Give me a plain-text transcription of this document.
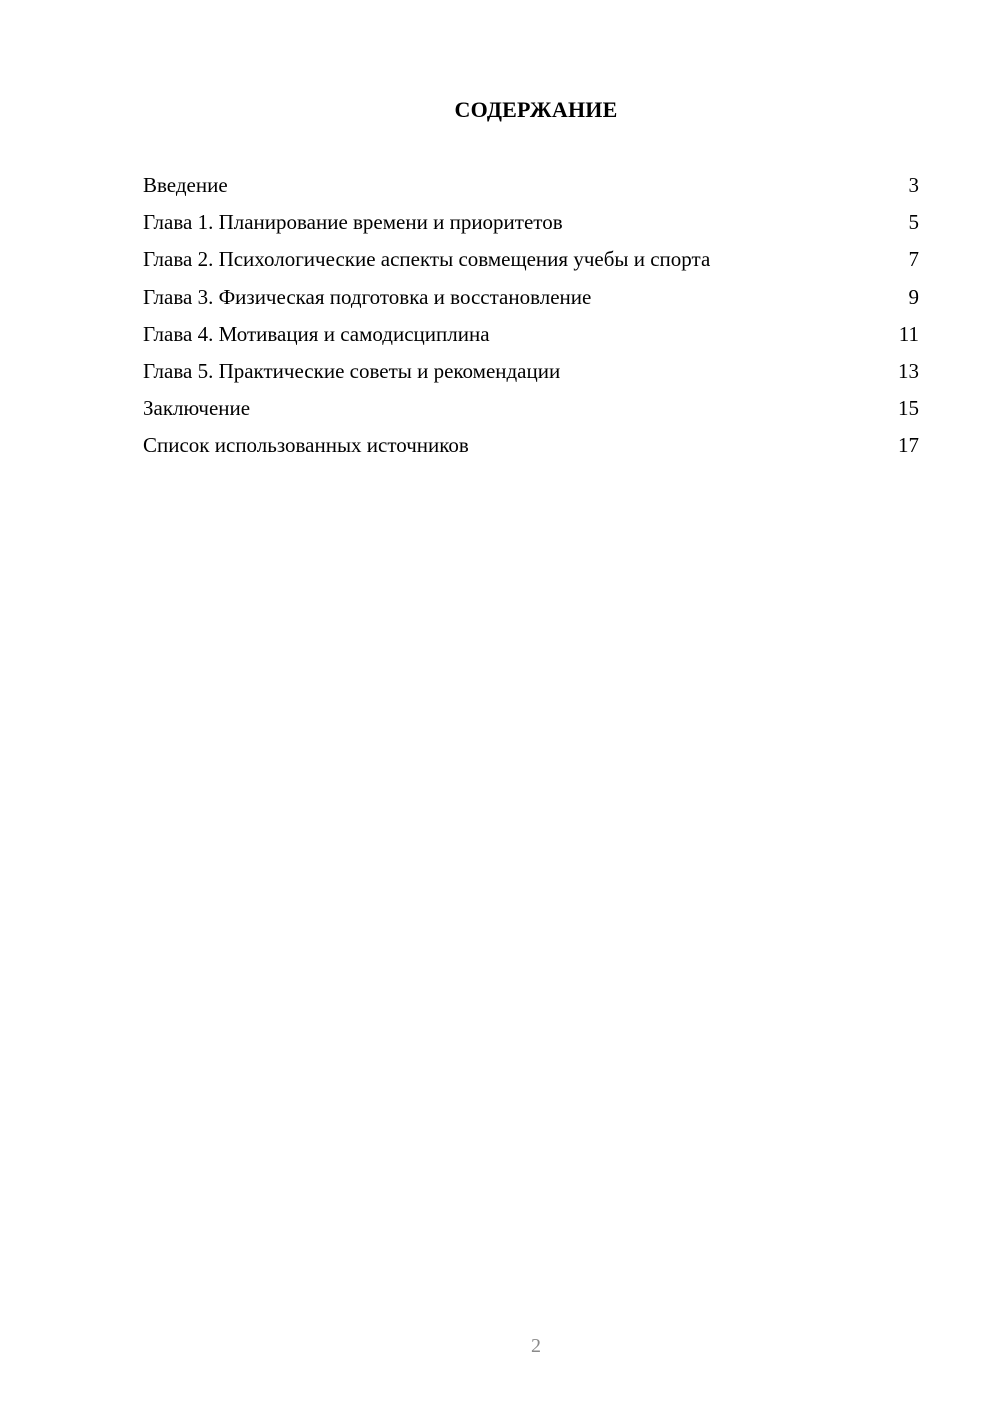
СОДЕРЖАНИЕ
Введение	3
Глава 1. Планирование времени и приоритетов	5
Глава 2. Психологические аспекты совмещения учебы и спорта	7
Глава 3. Физическая подготовка и восстановление	9
Глава 4. Мотивация и самодисциплина	11
Глава 5. Практические советы и рекомендации	13
Заключение	15
Список использованных источников	17
2
